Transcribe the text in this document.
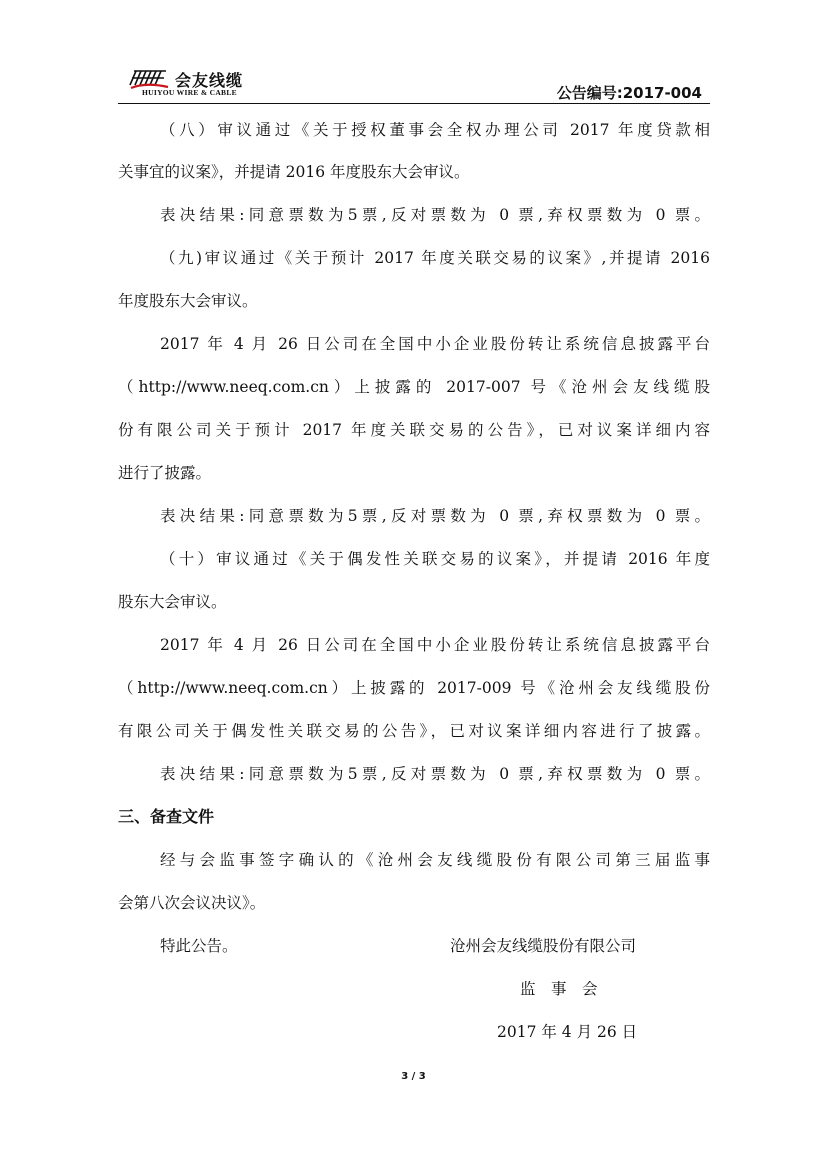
会友线缆
HUIYOU WIRE & CABLE	公告编号:2017-004
（八）审议通过《关于授权董事会全权办理公司 2017 年度贷款相
关事宜的议案》，并提请 2016 年度股东大会审议。
表决结果:同意票数为5票,反对票数为 0 票,弃权票数为 0 票。
（九)审议通过《关于预计 2017 年度关联交易的议案》,并提请 2016
年度股东大会审议。
2017 年 4 月 26 日公司在全国中小企业股份转让系统信息披露平台
（http://www.neeq.com.cn）上披露的 2017-007 号《沧州会友线缆股
份有限公司关于预计 2017 年度关联交易的公告》，已对议案详细内容
进行了披露。
表决结果:同意票数为5票,反对票数为 0 票,弃权票数为 0 票。
（十）审议通过《关于偶发性关联交易的议案》，并提请 2016 年度
股东大会审议。
2017 年 4 月 26 日公司在全国中小企业股份转让系统信息披露平台
（http://www.neeq.com.cn）上披露的 2017-009 号《沧州会友线缆股份
有限公司关于偶发性关联交易的公告》，已对议案详细内容进行了披露。
表决结果:同意票数为5票,反对票数为 0 票,弃权票数为 0 票。
三、备查文件
经与会监事签字确认的《沧州会友线缆股份有限公司第三届监事
会第八次会议决议》。
特此公告。	沧州会友线缆股份有限公司
监　事　会
2017 年 4 月 26 日
3 / 3
